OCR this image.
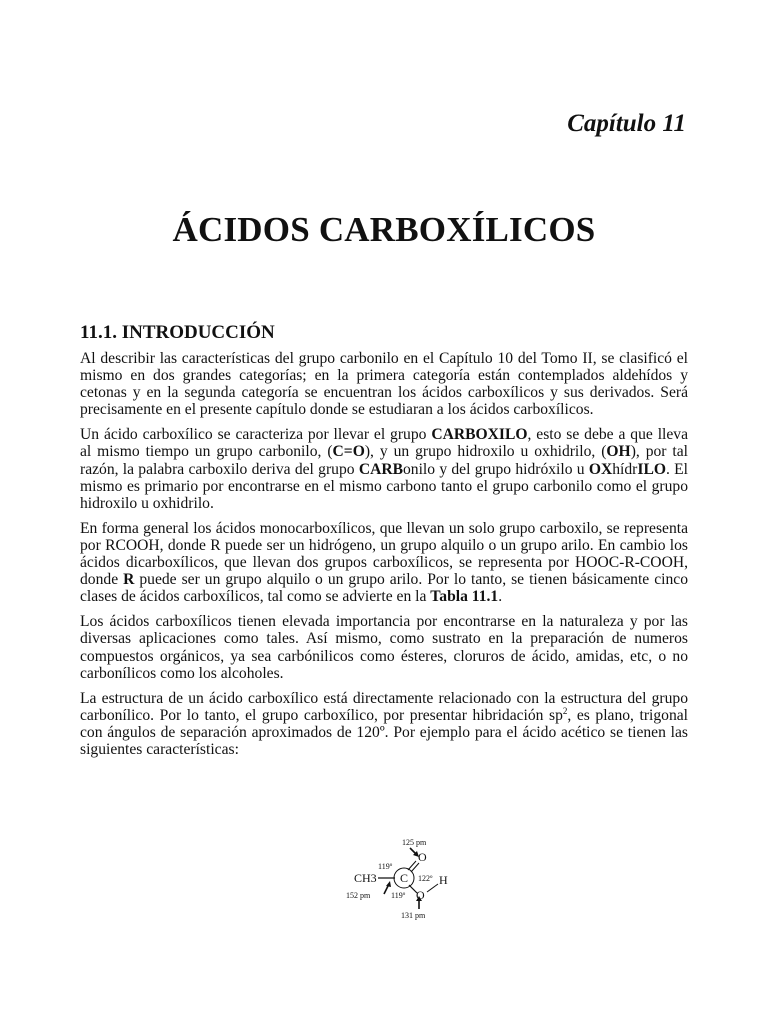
Capítulo 11
ÁCIDOS CARBOXÍLICOS
11.1. INTRODUCCIÓN

Al describir las características del grupo carbonilo en el Capítulo 10 del Tomo II, se clasificó el mismo en dos grandes categorías; en la primera categoría están contemplados aldehídos y cetonas y en la segunda categoría se encuentran los ácidos carboxílicos y sus derivados. Será precisamente en el presente capítulo donde se estudiaran a los ácidos carboxílicos.

Un ácido carboxílico se caracteriza por llevar el grupo CARBOXILO, esto se debe a que lleva al mismo tiempo un grupo carbonilo, (C=O), y un grupo hidroxilo u oxhidrilo, (OH), por tal razón, la palabra carboxilo deriva del grupo CARBonilo y del grupo hidróxilo u OXhídrILO. El mismo es primario por encontrarse en el mismo carbono tanto el grupo carbonilo como el grupo hidroxilo u oxhidrilo.

En forma general los ácidos monocarboxílicos, que llevan un solo grupo carboxilo, se representa por RCOOH, donde R puede ser un hidrógeno, un grupo alquilo o un grupo arilo. En cambio los ácidos dicarboxílicos, que llevan dos grupos carboxílicos, se representa por HOOC-R-COOH, donde R puede ser un grupo alquilo o un grupo arilo. Por lo tanto, se tienen básicamente cinco clases de ácidos carboxílicos, tal como se advierte en la Tabla 11.1.

Los ácidos carboxílicos tienen elevada importancia por encontrarse en la naturaleza y por las diversas aplicaciones como tales. Así mismo, como sustrato en la preparación de numeros compuestos orgánicos, ya sea carbónilicos como ésteres, cloruros de ácido, amidas, etc, o no carbonílicos como los alcoholes.

La estructura de un ácido carboxílico está directamente relacionado con la estructura del grupo carbonílico. Por lo tanto, el grupo carboxílico, por presentar hibridación $sp^2$, es plano, trigonal con ángulos de separación aproximados de 120º. Por ejemplo para el ácido acético se tienen las siguientes características:

125 pm
O
119º
CH3 C 122º H
152 pm	119º O
131 pm
